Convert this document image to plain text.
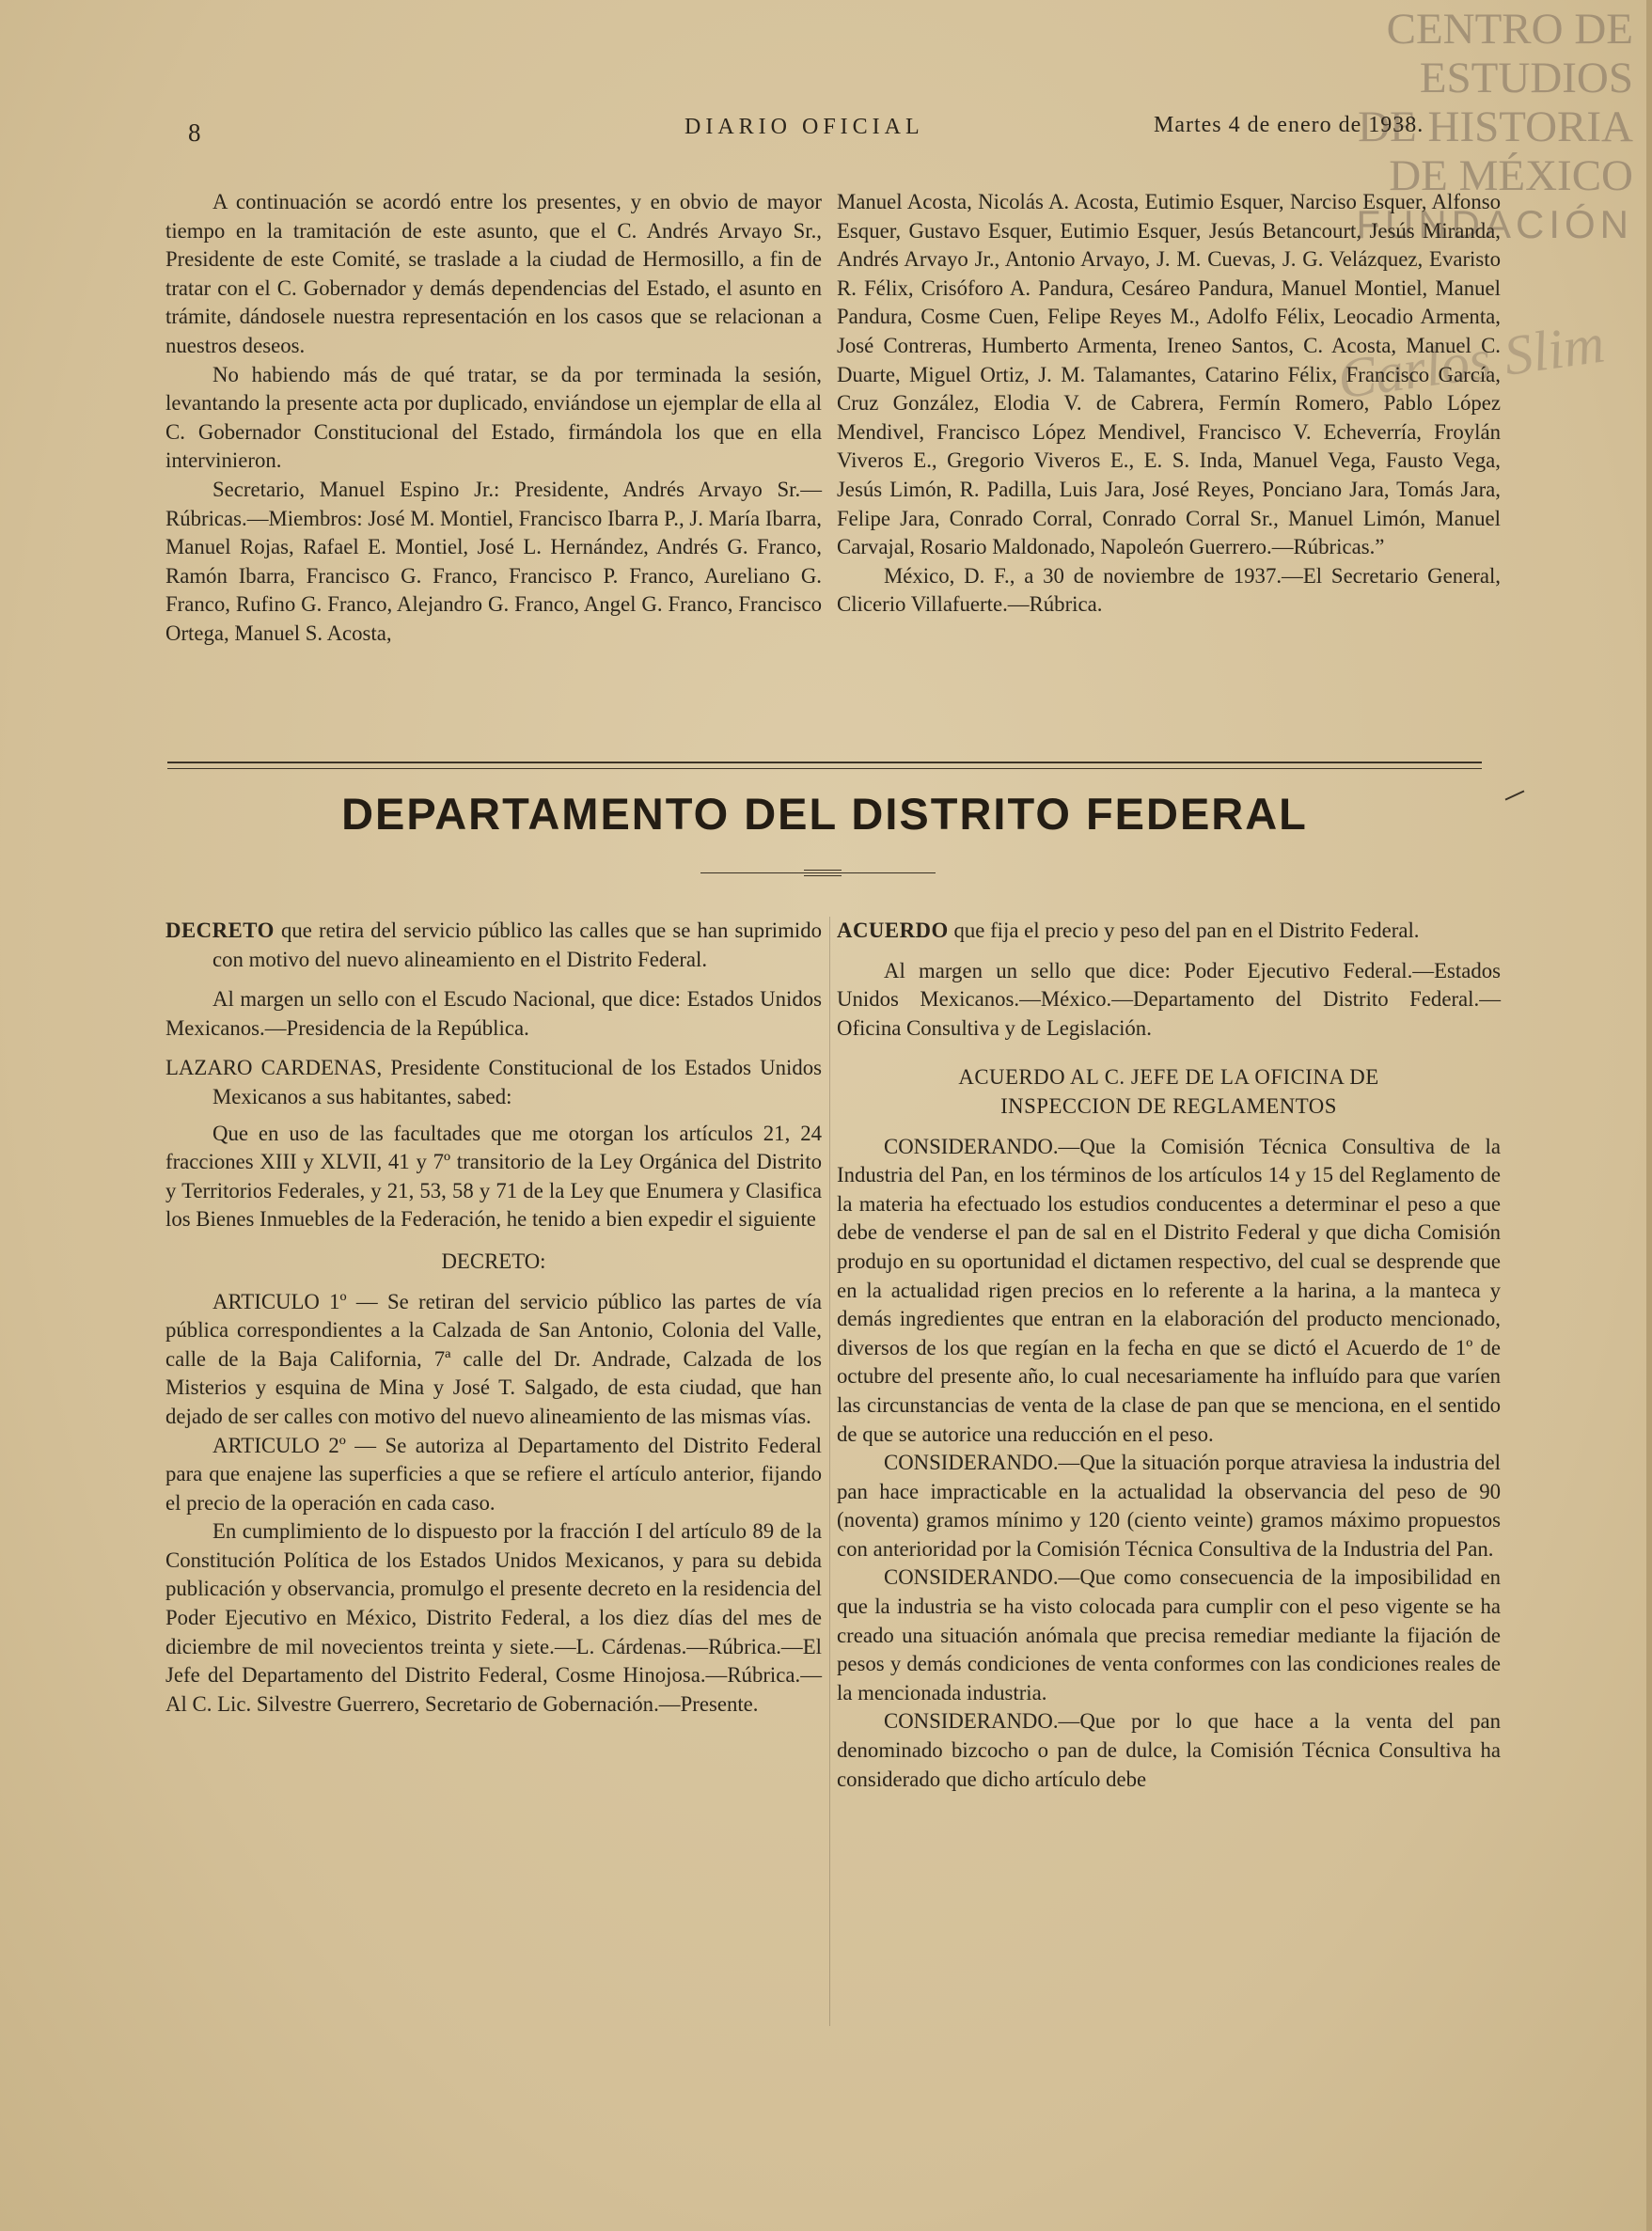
CENTRO DE
ESTUDIOS
DE HISTORIA
DE MÉXICO
FUNDACIÓN
Carlos Slim
8	DIARIO OFICIAL	Martes 4 de enero de 1938.

A continuación se acordó entre los presentes, y en obvio de mayor tiempo en la tramitación de este asunto, que el C. Andrés Arvayo Sr., Presidente de este Comité, se traslade a la ciudad de Hermosillo, a fin de tratar con el C. Gobernador y demás dependencias del Estado, el asunto en trámite, dándosele nuestra representación en los casos que se relacionan a nuestros deseos.

No habiendo más de qué tratar, se da por terminada la sesión, levantando la presente acta por duplicado, enviándose un ejemplar de ella al C. Gobernador Constitucional del Estado, firmándola los que en ella intervinieron.

Secretario, Manuel Espino Jr.: Presidente, Andrés Arvayo Sr.—Rúbricas.—Miembros: José M. Montiel, Francisco Ibarra P., J. María Ibarra, Manuel Rojas, Rafael E. Montiel, José L. Hernández, Andrés G. Franco, Ramón Ibarra, Francisco G. Franco, Francisco P. Franco, Aureliano G. Franco, Rufino G. Franco, Alejandro G. Franco, Angel G. Franco, Francisco Ortega, Manuel S. Acosta,

Manuel Acosta, Nicolás A. Acosta, Eutimio Esquer, Narciso Esquer, Alfonso Esquer, Gustavo Esquer, Eutimio Esquer, Jesús Betancourt, Jesús Miranda, Andrés Arvayo Jr., Antonio Arvayo, J. M. Cuevas, J. G. Velázquez, Evaristo R. Félix, Crisóforo A. Pandura, Cesáreo Pandura, Manuel Montiel, Manuel Pandura, Cosme Cuen, Felipe Reyes M., Adolfo Félix, Leocadio Armenta, José Contreras, Humberto Armenta, Ireneo Santos, C. Acosta, Manuel C. Duarte, Miguel Ortiz, J. M. Talamantes, Catarino Félix, Francisco García, Cruz González, Elodia V. de Cabrera, Fermín Romero, Pablo López Mendivel, Francisco López Mendivel, Francisco V. Echeverría, Froylán Viveros E., Gregorio Viveros E., E. S. Inda, Manuel Vega, Fausto Vega, Jesús Limón, R. Padilla, Luis Jara, José Reyes, Ponciano Jara, Tomás Jara, Felipe Jara, Conrado Corral, Conrado Corral Sr., Manuel Limón, Manuel Carvajal, Rosario Maldonado, Napoleón Guerrero.—Rúbricas.”

México, D. F., a 30 de noviembre de 1937.—El Secretario General, Clicerio Villafuerte.—Rúbrica.

DEPARTAMENTO DEL DISTRITO FEDERAL

DECRETO que retira del servicio público las calles que se han suprimido con motivo del nuevo alineamiento en el Distrito Federal.

Al margen un sello con el Escudo Nacional, que dice: Estados Unidos Mexicanos.—Presidencia de la República.

LAZARO CARDENAS, Presidente Constitucional de los Estados Unidos Mexicanos a sus habitantes, sabed:

Que en uso de las facultades que me otorgan los artículos 21, 24 fracciones XIII y XLVII, 41 y 7º transitorio de la Ley Orgánica del Distrito y Territorios Federales, y 21, 53, 58 y 71 de la Ley que Enumera y Clasifica los Bienes Inmuebles de la Federación, he tenido a bien expedir el siguiente

DECRETO:

ARTICULO 1º — Se retiran del servicio público las partes de vía pública correspondientes a la Calzada de San Antonio, Colonia del Valle, calle de la Baja California, 7ª calle del Dr. Andrade, Calzada de los Misterios y esquina de Mina y José T. Salgado, de esta ciudad, que han dejado de ser calles con motivo del nuevo alineamiento de las mismas vías.

ARTICULO 2º — Se autoriza al Departamento del Distrito Federal para que enajene las superficies a que se refiere el artículo anterior, fijando el precio de la operación en cada caso.

En cumplimiento de lo dispuesto por la fracción I del artículo 89 de la Constitución Política de los Estados Unidos Mexicanos, y para su debida publicación y observancia, promulgo el presente decreto en la residencia del Poder Ejecutivo en México, Distrito Federal, a los diez días del mes de diciembre de mil novecientos treinta y siete.—L. Cárdenas.—Rúbrica.—El Jefe del Departamento del Distrito Federal, Cosme Hinojosa.—Rúbrica.—Al C. Lic. Silvestre Guerrero, Secretario de Gobernación.—Presente.

ACUERDO que fija el precio y peso del pan en el Distrito Federal.

Al margen un sello que dice: Poder Ejecutivo Federal.—Estados Unidos Mexicanos.—México.—Departamento del Distrito Federal.—Oficina Consultiva y de Legislación.

ACUERDO AL C. JEFE DE LA OFICINA DE INSPECCION DE REGLAMENTOS

CONSIDERANDO.—Que la Comisión Técnica Consultiva de la Industria del Pan, en los términos de los artículos 14 y 15 del Reglamento de la materia ha efectuado los estudios conducentes a determinar el peso a que debe de venderse el pan de sal en el Distrito Federal y que dicha Comisión produjo en su oportunidad el dictamen respectivo, del cual se desprende que en la actualidad rigen precios en lo referente a la harina, a la manteca y demás ingredientes que entran en la elaboración del producto mencionado, diversos de los que regían en la fecha en que se dictó el Acuerdo de 1º de octubre del presente año, lo cual necesariamente ha influído para que varíen las circunstancias de venta de la clase de pan que se menciona, en el sentido de que se autorice una reducción en el peso.

CONSIDERANDO.—Que la situación porque atraviesa la industria del pan hace impracticable en la actualidad la observancia del peso de 90 (noventa) gramos mínimo y 120 (ciento veinte) gramos máximo propuestos con anterioridad por la Comisión Técnica Consultiva de la Industria del Pan.

CONSIDERANDO.—Que como consecuencia de la imposibilidad en que la industria se ha visto colocada para cumplir con el peso vigente se ha creado una situación anómala que precisa remediar mediante la fijación de pesos y demás condiciones de venta conformes con las condiciones reales de la mencionada industria.

CONSIDERANDO.—Que por lo que hace a la venta del pan denominado bizcocho o pan de dulce, la Comisión Técnica Consultiva ha considerado que dicho artículo debe
